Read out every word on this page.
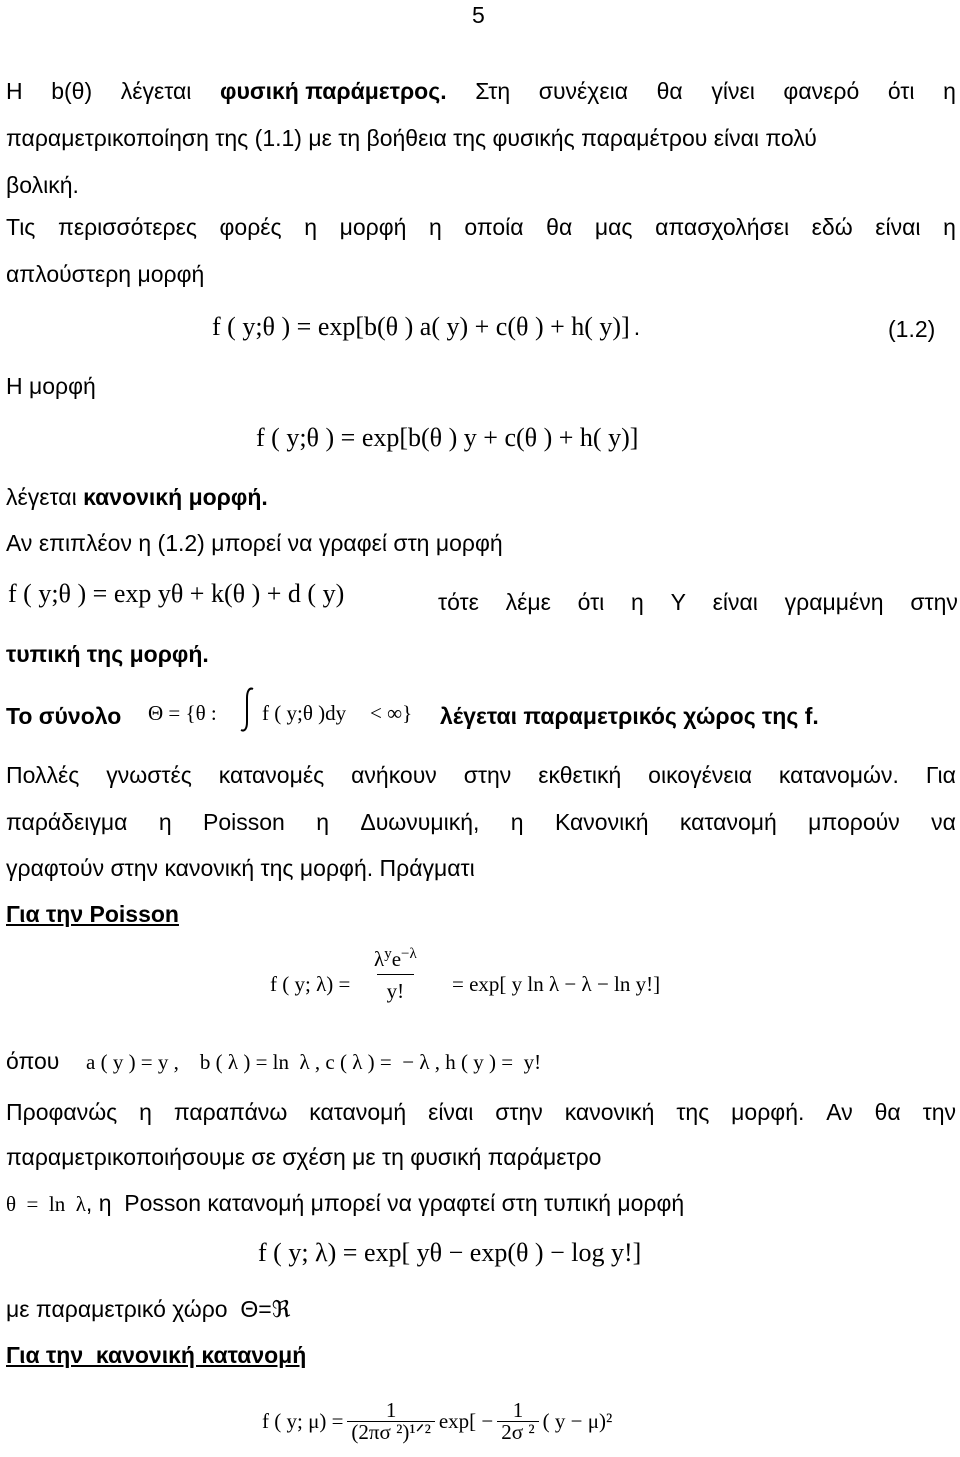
5
Η b(θ) λέγεται φυσική παράμετρος. Στη συνέχεια θα γίνει φανερό ότι η
παραμετρικοποίηση της (1.1) με τη βοήθεια της φυσικής παραμέτρου είναι πολύ
βολική.
Τις περισσότερες φορές η μορφή η οποία θα μας απασχολήσει εδώ είναι η
απλούστερη μορφή
f ( y;θ ) = exp[b(θ ) a( y) + c(θ ) + h( y)] .	(1.2)
Η μορφή
f ( y;θ ) = exp[b(θ ) y + c(θ ) + h( y)]
λέγεται κανονική μορφή.
Αν επιπλέον η (1.2) μπορεί να γραφεί στη μορφή
f ( y;θ ) = exp yθ + k(θ ) + d ( y)	τότε λέμε ότι η Υ είναι γραμμένη στην
τυπική της μορφή.
Το σύνολο Θ = {θ : f ( y;θ )dy < ∞} λέγεται παραμετρικός χώρος της f.
Πολλές γνωστές κατανομές ανήκουν στην εκθετική οικογένεια κατανομών. Για
παράδειγμα η Poisson η Δυωνυμική, η Κανονική κατανομή μπορούν να
γραφτούν στην κανονική της μορφή. Πράγματι
Για την Poisson
f ( y; λ) =
$\lambda^ye^{-\lambda}$
y!	= exp[ y ln λ − λ − ln y!]
όπου a ( y ) = y ,    b ( λ ) = ln  λ , c ( λ ) =  − λ , h ( y ) =  y!
Προφανώς η παραπάνω κατανομή είναι στην κανονική της μορφή. Αν θα την
παραμετρικοποιήσουμε σε σχέση με τη φυσική παράμετρο
θ  =  ln  λ, η  Posson κατανομή μπορεί να γραφτεί στη τυπική μορφή
f ( y; λ) = exp[ yθ − exp(θ ) − log y!]
με παραμετρικό χώρο  Θ=ℜ
Για την  κανονική κατανομή
f ( y; $\mu) = \frac{1}{\text{(2πσ ²)¹ᐟ²}} \exp[ - \frac{1}{\text{2σ ²}}$ ( y − μ)²
